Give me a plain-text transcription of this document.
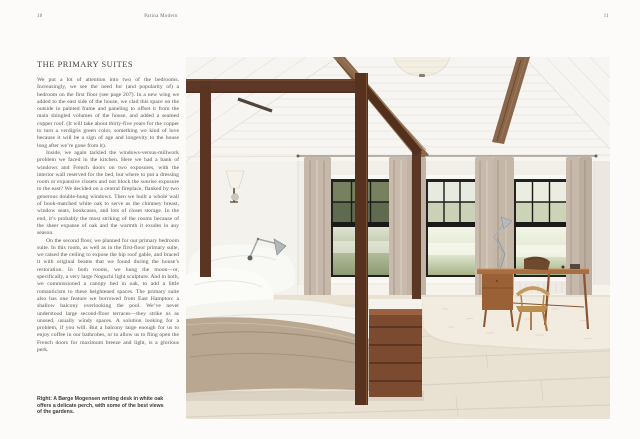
10	Patina Modern	11
THE PRIMARY SUITES

We put a lot of attention into two of the bedrooms. Increasingly, we see the need for (and popularity of) a bedroom on the first floor (see page 207). In a new wing we added to the east side of the house, we clad this space on the outside in painted frame and paneling to offset it from the main shingled volumes of the house, and added a seamed copper roof. (It will take about thirty-five years for the copper to turn a verdigris green color, something we kind of love because it will be a sign of age and longevity to the house long after we’re gone from it).

Inside, we again tackled the windows-versus-millwork problem we faced in the kitchen. Here we had a bank of windows and French doors on two exposures, with the interior wall reserved for the bed, but where to put a dressing room or expansive closets and not block the sunrise exposure to the east? We decided on a central fireplace, flanked by two generous double-hung windows. Then we built a whole wall of book-matched white oak to serve as the chimney breast, window seats, bookcases, and lots of closet storage. In the end, it’s probably the most striking of the rooms because of the sheer expanse of oak and the warmth it exudes in any season.

On the second floor, we planned for our primary bedroom suite. In this room, as well as in the first-floor primary suite, we raised the ceiling to expose the hip roof gable, and braced it with original beams that we found during the house’s restoration. In both rooms, we hung the moon—or, specifically, a very large Noguchi light sculpture. And in both, we commissioned a canopy bed in oak, to add a little romanticism to these heightened spaces. The primary suite also has one feature we borrowed from East Hampton: a shallow balcony overlooking the pool. We’ve never understood large second-floor terraces—they strike us as unused, usually windy spaces. A solution looking for a problem, if you will. But a balcony large enough for us to enjoy coffee in our bathrobes, or to allow us to fling open the French doors for maximum breeze and light, is a glorious perk.

Right: A Børge Mogensen writing desk in white oak offers a delicate perch, with some of the best views of the gardens.
